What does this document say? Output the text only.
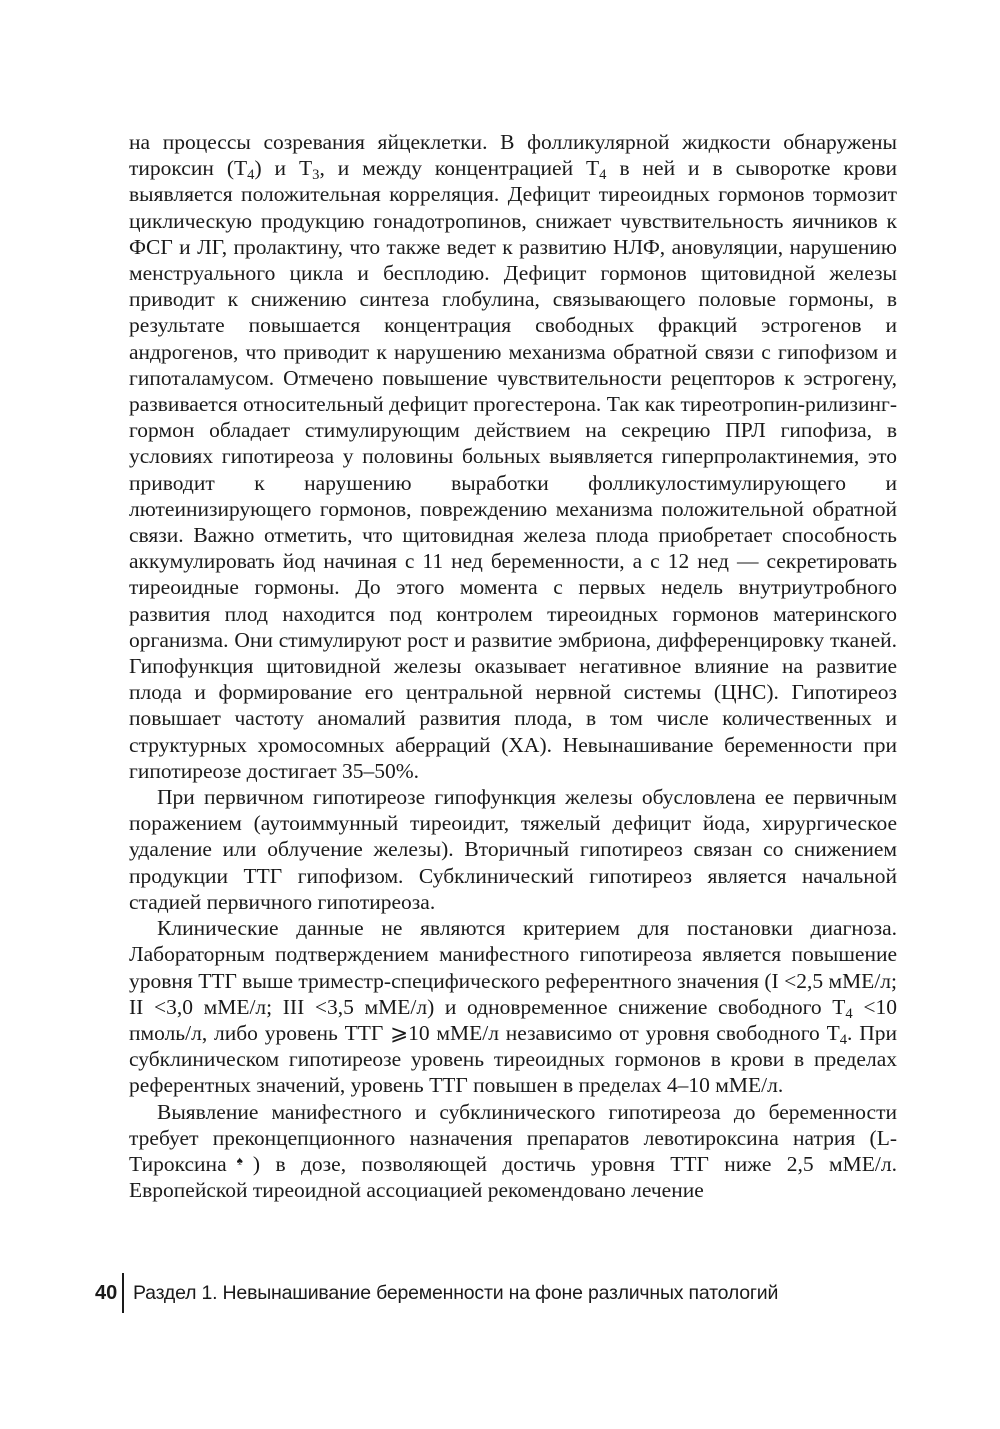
на процессы созревания яйцеклетки. В фолликулярной жидкости обнаружены тироксин $(Т_4)$ и $Т_3$, и между концентрацией $Т_4$ в ней и в сыворотке крови выявляется положительная корреляция. Дефицит тиреоидных гормонов тормозит циклическую продукцию гонадотропинов, снижает чувствительность яичников к ФСГ и ЛГ, пролактину, что также ведет к развитию НЛФ, ановуляции, нарушению менструального цикла и бесплодию. Дефицит гормонов щитовидной железы приводит к снижению синтеза глобулина, связывающего половые гормоны, в результате повышается концентрация свободных фракций эстрогенов и андрогенов, что приводит к нарушению механизма обратной связи с гипофизом и гипоталамусом. Отмечено повышение чувствительности рецепторов к эстрогену, развивается относительный дефицит прогестерона. Так как тиреотропин-рилизинг-гормон обладает стимулирующим действием на секрецию ПРЛ гипофиза, в условиях гипотиреоза у половины больных выявляется гиперпролактинемия, это приводит к нарушению выработки фолликулостимулирующего и лютеинизирующего гормонов, повреждению механизма положительной обратной связи. Важно отметить, что щитовидная железа плода приобретает способность аккумулировать йод начиная с 11 нед беременности, а с 12 нед — секретировать тиреоидные гормоны. До этого момента с первых недель внутриутробного развития плод находится под контролем тиреоидных гормонов материнского организма. Они стимулируют рост и развитие эмбриона, дифференцировку тканей. Гипофункция щитовидной железы оказывает негативное влияние на развитие плода и формирование его центральной нервной системы (ЦНС). Гипотиреоз повышает частоту аномалий развития плода, в том числе количественных и структурных хромосомных аберраций (ХА). Невынашивание беременности при гипотиреозе достигает 35–50%.

При первичном гипотиреозе гипофункция железы обусловлена ее первичным поражением (аутоиммунный тиреоидит, тяжелый дефицит йода, хирургическое удаление или облучение железы). Вторичный гипотиреоз связан со снижением продукции ТТГ гипофизом. Субклинический гипотиреоз является начальной стадией первичного гипотиреоза.

Клинические данные не являются критерием для постановки диагноза. Лабораторным подтверждением манифестного гипотиреоза является повышение уровня ТТГ выше триместр-специфического референтного значения (I <2,5 мМЕ/л; II <3,0 мМЕ/л; III <3,5 мМЕ/л) и одновременное снижение свободного $Т_4 <10$ пмоль/л, либо уровень ТТГ ⩾10 мМЕ/л независимо от уровня свободного $Т_4$. При субклиническом гипотиреозе уровень тиреоидных гормонов в крови в пределах референтных значений, уровень ТТГ повышен в пределах 4–10 мМЕ/л.

Выявление манифестного и субклинического гипотиреоза до беременности требует преконцепционного назначения препаратов левотироксина натрия (L-Тироксина♠) в дозе, позволяющей достичь уровня ТТГ ниже 2,5 мМЕ/л. Европейской тиреоидной ассоциацией рекомендовано лечение

40 Раздел 1. Невынашивание беременности на фоне различных патологий
